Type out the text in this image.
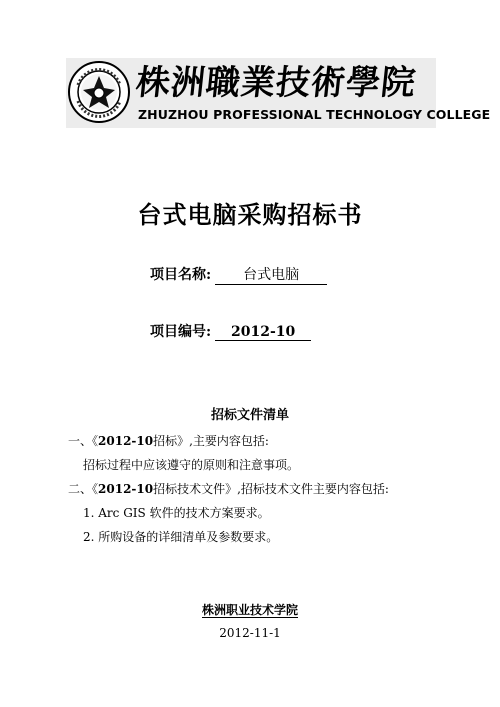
株洲職業技術學院
ZHUZHOU PROFESSIONAL TECHNOLOGY COLLEGE
台式电脑采购招标书
项目名称: 台式电脑
项目编号: 2012-10
招标文件清单
一、《2012-10招标》,主要内容包括:
招标过程中应该遵守的原则和注意事项。
二、《2012-10招标技术文件》,招标技术文件主要内容包括:
1. Arc GIS 软件的技术方案要求。
2. 所购设备的详细清单及参数要求。
株洲职业技术学院
2012-11-1
